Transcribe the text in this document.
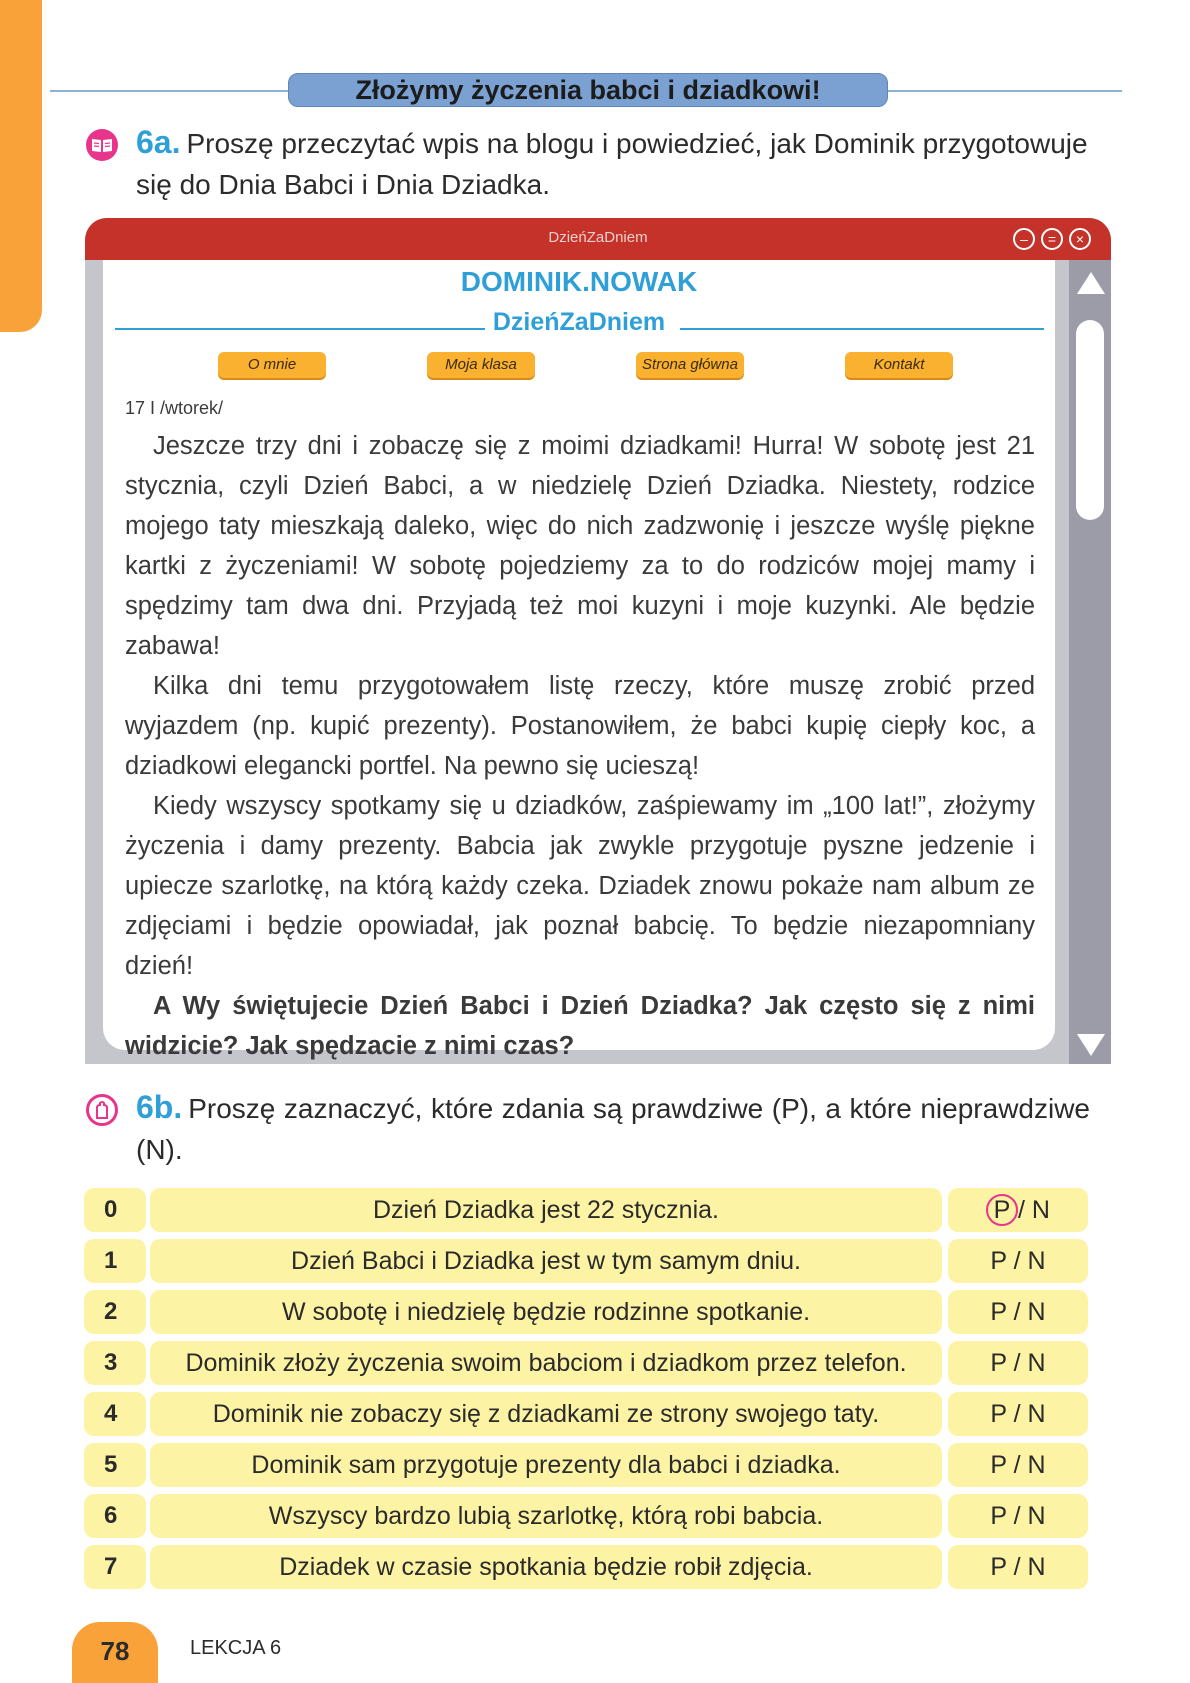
Złożymy życzenia babci i dziadkowi!
6a. Proszę przeczytać wpis na blogu i powiedzieć, jak Dominik przygotowuje się do Dnia Babci i Dnia Dziadka.
DzieńZaDniem	–	=	×
DOMINIK.NOWAK
DzieńZaDniem
O mnie	Moja klasa	Strona główna	Kontakt
17 I /wtorek/

Jeszcze trzy dni i zobaczę się z moimi dziadkami! Hurra! W sobotę jest 21 stycznia, czyli Dzień Babci, a w niedzielę Dzień Dziadka. Niestety, rodzice mojego taty mieszkają daleko, więc do nich zadzwonię i jeszcze wyślę piękne kartki z życzeniami! W sobotę pojedziemy za to do rodziców mojej mamy i spędzimy tam dwa dni. Przyjadą też moi kuzyni i moje kuzynki. Ale będzie zabawa!

Kilka dni temu przygotowałem listę rzeczy, które muszę zrobić przed wyjazdem (np. kupić prezenty). Postanowiłem, że babci kupię ciepły koc, a dziadkowi elegancki portfel. Na pewno się ucieszą!

Kiedy wszyscy spotkamy się u dziadków, zaśpiewamy im „100 lat!”, złożymy życzenia i damy prezenty. Babcia jak zwykle przygotuje pyszne jedzenie i upiecze szarlotkę, na którą każdy czeka. Dziadek znowu pokaże nam album ze zdjęciami i będzie opowiadał, jak poznał babcię. To będzie niezapomniany dzień!

A Wy świętujecie Dzień Babci i Dzień Dziadka? Jak często się z nimi widzicie? Jak spędzacie z nimi czas?

6b. Proszę zaznaczyć, które zdania są prawdziwe (P), a które nieprawdziwe (N).
0	Dzień Dziadka jest 22 stycznia.	P / N
1	Dzień Babci i Dziadka jest w tym samym dniu.	P / N
2	W sobotę i niedzielę będzie rodzinne spotkanie.	P / N
3	Dominik złoży życzenia swoim babciom i dziadkom przez telefon.	P / N
4	Dominik nie zobaczy się z dziadkami ze strony swojego taty.	P / N
5	Dominik sam przygotuje prezenty dla babci i dziadka.	P / N
6	Wszyscy bardzo lubią szarlotkę, którą robi babcia.	P / N
7	Dziadek w czasie spotkania będzie robił zdjęcia.	P / N
78	LEKCJA 6
